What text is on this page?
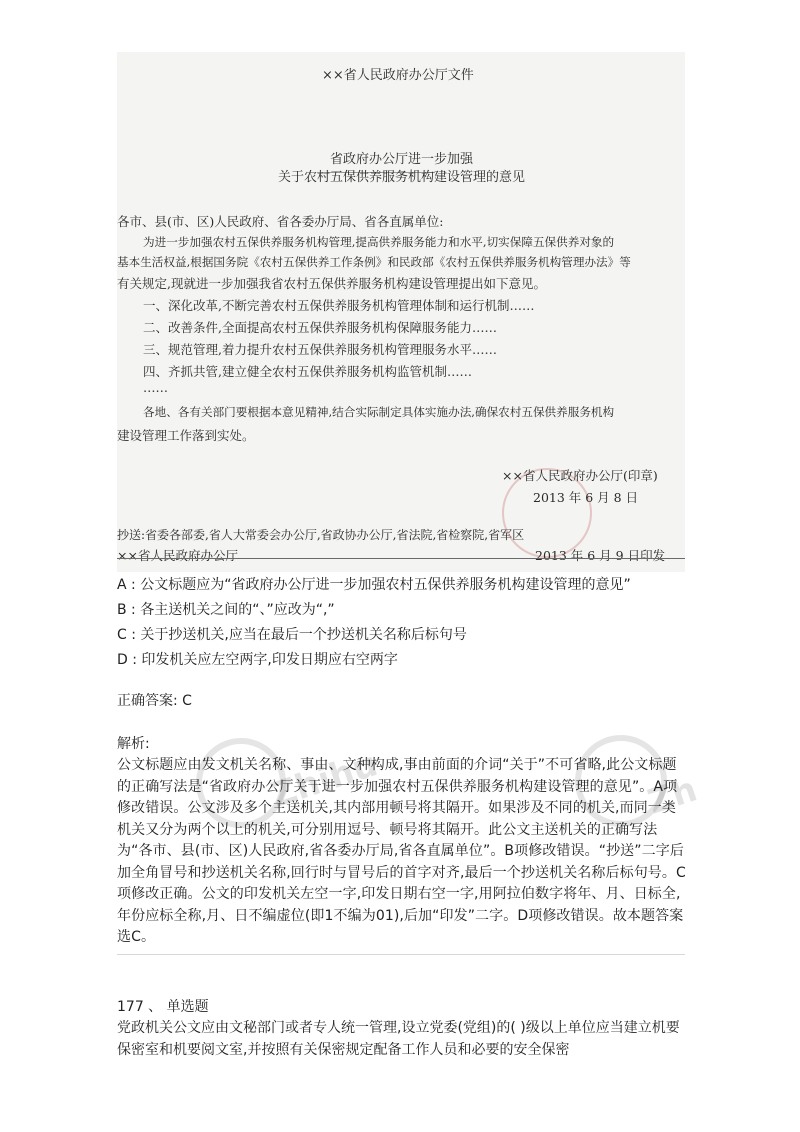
××省人民政府办公厅文件
省政府办公厅进一步加强
关于农村五保供养服务机构建设管理的意见
各市、县(市、区)人民政府、省各委办厅局、省各直属单位:
为进一步加强农村五保供养服务机构管理,提高供养服务能力和水平,切实保障五保供养对象的
基本生活权益,根据国务院《农村五保供养工作条例》和民政部《农村五保供养服务机构管理办法》等
有关规定,现就进一步加强我省农村五保供养服务机构建设管理提出如下意见。
一、深化改革,不断完善农村五保供养服务机构管理体制和运行机制……
二、改善条件,全面提高农村五保供养服务机构保障服务能力……
三、规范管理,着力提升农村五保供养服务机构管理服务水平……
四、齐抓共管,建立健全农村五保供养服务机构监管机制……
……
各地、各有关部门要根据本意见精神,结合实际制定具体实施办法,确保农村五保供养服务机构
建设管理工作落到实处。
××省人民政府办公厅(印章)
2013 年 6 月 8 日
抄送:省委各部委,省人大常委会办公厅,省政协办公厅,省法院,省检察院,省军区
××省人民政府办公厅	2013 年 6 月 9 日印发
A : 公文标题应为“省政府办公厅进一步加强农村五保供养服务机构建设管理的意见”
B : 各主送机关之间的“、”应改为“,”
C : 关于抄送机关,应当在最后一个抄送机关名称后标句号
D : 印发机关应左空两字,印发日期应右空两字
正确答案: C
解析:
Zhihu	Zh
公文标题应由发文机关名称、事由、文种构成,事由前面的介词“关于”不可省略,此公文标题的正确写法是“省政府办公厅关于进一步加强农村五保供养服务机构建设管理的意见”。A项修改错误。公文涉及多个主送机关,其内部用顿号将其隔开。如果涉及不同的机关,而同一类机关又分为两个以上的机关,可分别用逗号、顿号将其隔开。此公文主送机关的正确写法为“各市、县(市、区)人民政府,省各委办厅局,省各直属单位”。B项修改错误。“抄送”二字后加全角冒号和抄送机关名称,回行时与冒号后的首字对齐,最后一个抄送机关名称后标句号。C项修改正确。公文的印发机关左空一字,印发日期右空一字,用阿拉伯数字将年、月、日标全,年份应标全称,月、日不编虚位(即1不编为01),后加“印发”二字。D项修改错误。故本题答案选C。
177 、 单选题
党政机关公文应由文秘部门或者专人统一管理,设立党委(党组)的( )级以上单位应当建立机要保密室和机要阅文室,并按照有关保密规定配备工作人员和必要的安全保密
